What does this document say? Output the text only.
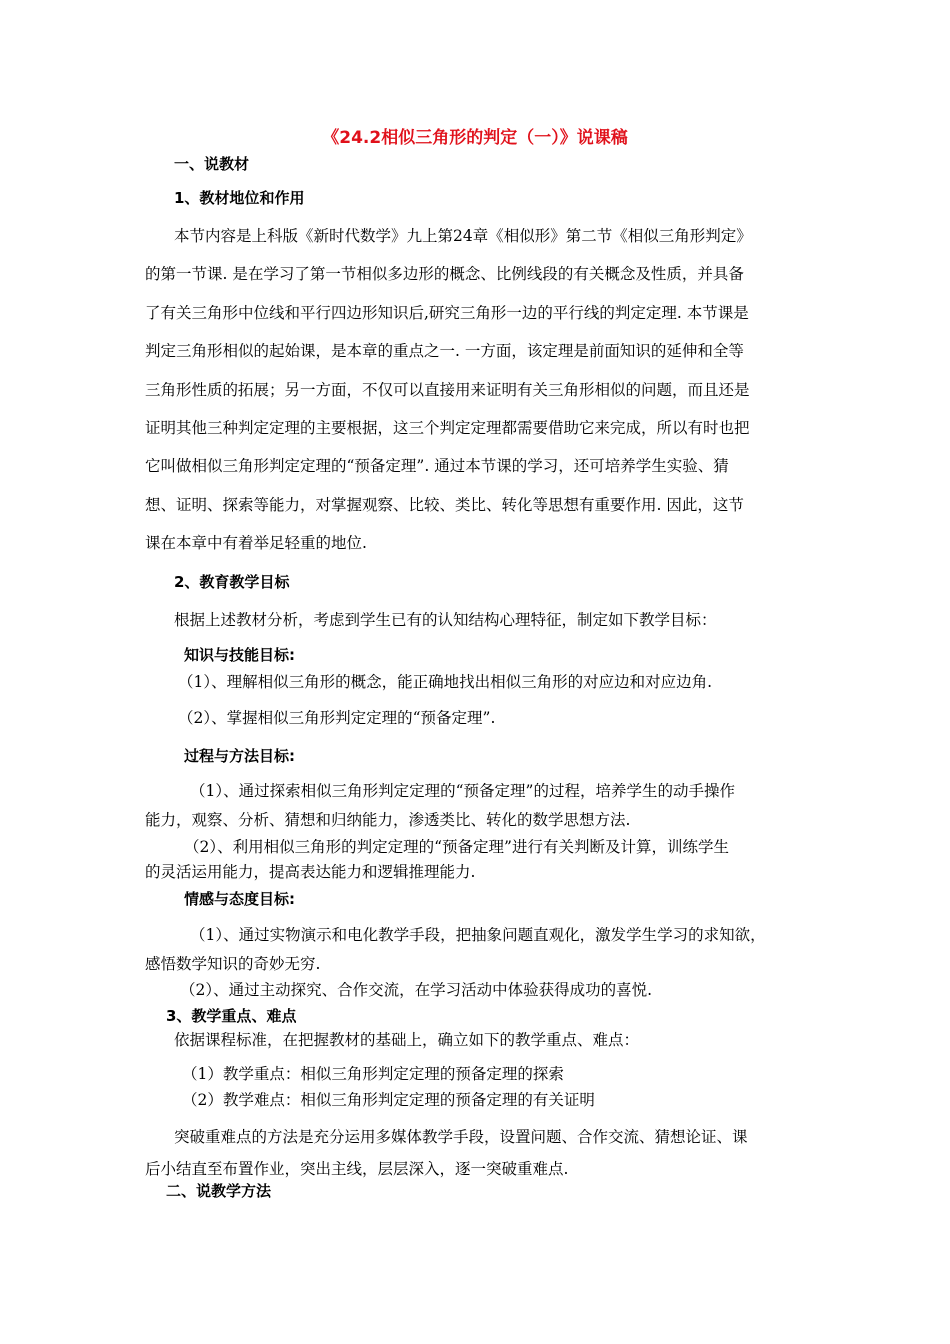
《24.2相似三角形的判定（一）》说课稿
一、说教材
1、教材地位和作用
本节内容是上科版《新时代数学》九上第24章《相似形》第二节《相似三角形判定》
的第一节课. 是在学习了第一节相似多边形的概念、比例线段的有关概念及性质，并具备
了有关三角形中位线和平行四边形知识后,研究三角形一边的平行线的判定定理. 本节课是
判定三角形相似的起始课，是本章的重点之一. 一方面，该定理是前面知识的延伸和全等
三角形性质的拓展；另一方面，不仅可以直接用来证明有关三角形相似的问题，而且还是
证明其他三种判定定理的主要根据，这三个判定定理都需要借助它来完成，所以有时也把
它叫做相似三角形判定定理的“预备定理”. 通过本节课的学习，还可培养学生实验、猜
想、证明、探索等能力，对掌握观察、比较、类比、转化等思想有重要作用. 因此，这节
课在本章中有着举足轻重的地位.
2、教育教学目标
根据上述教材分析，考虑到学生已有的认知结构心理特征，制定如下教学目标：
知识与技能目标:
（1）、理解相似三角形的概念，能正确地找出相似三角形的对应边和对应边角.
（2）、掌握相似三角形判定定理的“预备定理”.
过程与方法目标:
（1）、通过探索相似三角形判定定理的“预备定理”的过程，培养学生的动手操作
能力，观察、分析、猜想和归纳能力，渗透类比、转化的数学思想方法.
（2）、利用相似三角形的判定定理的“预备定理”进行有关判断及计算，训练学生
的灵活运用能力，提高表达能力和逻辑推理能力.
情感与态度目标:
（1）、通过实物演示和电化教学手段，把抽象问题直观化，激发学生学习的求知欲，
感悟数学知识的奇妙无穷.
（2）、通过主动探究、合作交流，在学习活动中体验获得成功的喜悦.
3、教学重点、难点
依据课程标准，在把握教材的基础上，确立如下的教学重点、难点：
（1）教学重点：相似三角形判定定理的预备定理的探索
（2）教学难点：相似三角形判定定理的预备定理的有关证明
突破重难点的方法是充分运用多媒体教学手段，设置问题、合作交流、猜想论证、课
后小结直至布置作业，突出主线，层层深入，逐一突破重难点.
二、说教学方法
